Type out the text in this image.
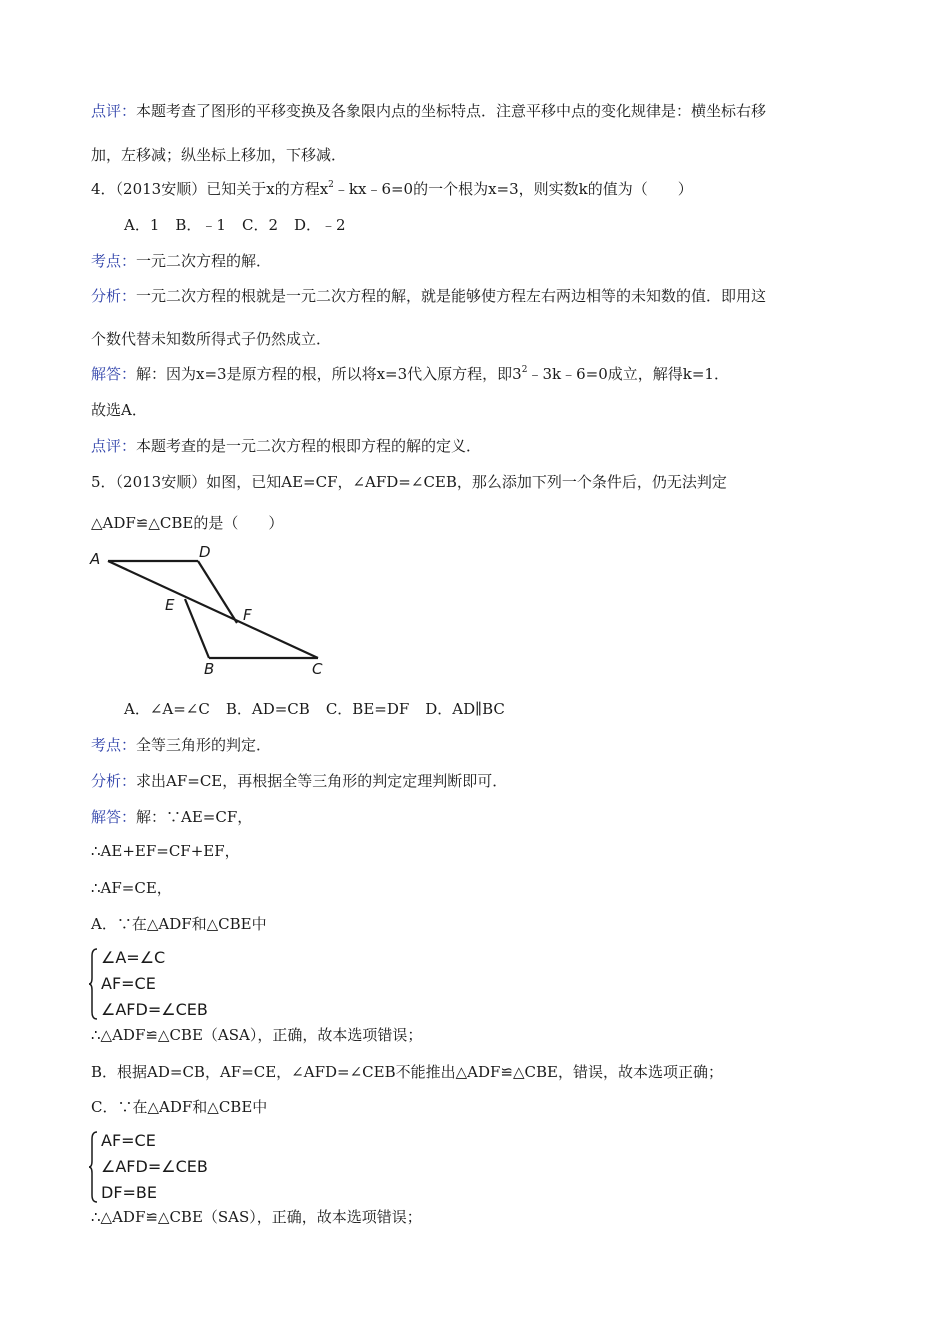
点评：本题考查了图形的平移变换及各象限内点的坐标特点．注意平移中点的变化规律是：横坐标右移
加，左移减；纵坐标上移加，下移减．
4．（2013安顺）已知关于x的方程$x^2﹣kx﹣6=0$的一个根为x=3，则实数k的值为（　　）
A．1 B．﹣1 C．2 D．﹣2
考点：一元二次方程的解．
分析：一元二次方程的根就是一元二次方程的解，就是能够使方程左右两边相等的未知数的值．即用这
个数代替未知数所得式子仍然成立．
解答：解：因为x=3是原方程的根，所以将x=3代入原方程，即$3^2﹣3k﹣6=0$成立，解得k=1．
故选A．
点评：本题考查的是一元二次方程的根即方程的解的定义．
5．（2013安顺）如图，已知AE=CF，∠AFD=∠CEB，那么添加下列一个条件后，仍无法判定
△ADF≌△CBE的是（　　）
A	D
E
F
B	C
A．∠A=∠C B．AD=CB C．BE=DF D．AD∥BC
考点：全等三角形的判定．
分析：求出AF=CE，再根据全等三角形的判定定理判断即可．
解答：解：∵AE=CF，
∴AE+EF=CF+EF，
∴AF=CE，
A．∵在△ADF和△CBE中
∠A=∠C
AF=CE
∠AFD=∠CEB
∴△ADF≌△CBE（ASA），正确，故本选项错误；
B．根据AD=CB，AF=CE，∠AFD=∠CEB不能推出△ADF≌△CBE，错误，故本选项正确；
C．∵在△ADF和△CBE中
AF=CE
∠AFD=∠CEB
DF=BE
∴△ADF≌△CBE（SAS），正确，故本选项错误；
